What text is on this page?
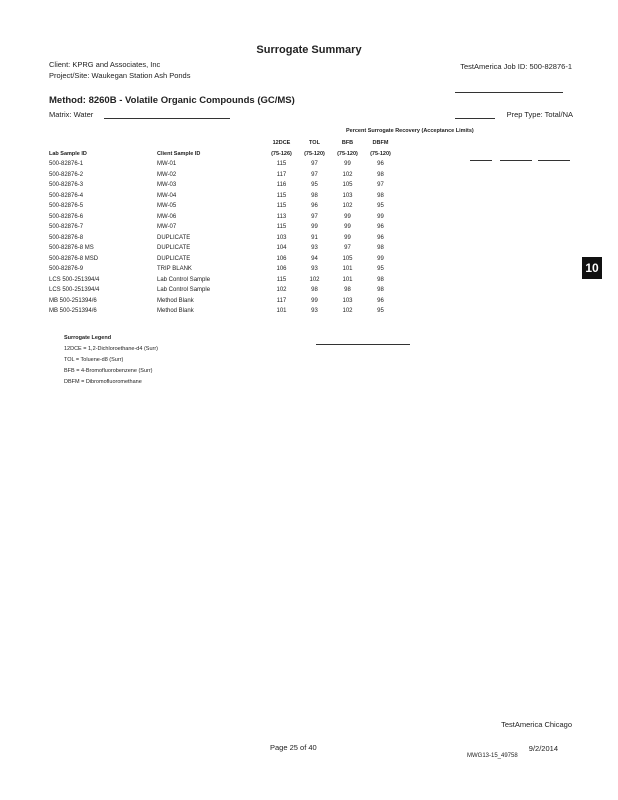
Surrogate Summary
Client: KPRG and Associates, Inc
Project/Site: Waukegan Station Ash Ponds
TestAmerica Job ID: 500-82876-1
Method: 8260B - Volatile Organic Compounds (GC/MS)
Matrix: Water	Prep Type: Total/NA
Percent Surrogate Recovery (Acceptance Limits)
		12DCE	TOL	BFB	DBFM
Lab Sample ID	Client Sample ID	(75-126)	(75-120)	(75-120)	(75-120)
500-82876-1	MW-01	115	97	99	96
500-82876-2	MW-02	117	97	102	98
500-82876-3	MW-03	116	95	105	97
500-82876-4	MW-04	115	98	103	98
500-82876-5	MW-05	115	96	102	95
500-82876-6	MW-06	113	97	99	99
500-82876-7	MW-07	115	99	99	96
500-82876-8	DUPLICATE	103	91	99	96
500-82876-8 MS	DUPLICATE	104	93	97	98
500-82876-8 MSD	DUPLICATE	106	94	105	99
500-82876-9	TRIP BLANK	106	93	101	95
LCS 500-251394/4	Lab Control Sample	115	102	101	98
LCS 500-251394/4	Lab Control Sample	102	98	98	98
MB 500-251394/6	Method Blank	117	99	103	96
MB 500-251394/6	Method Blank	101	93	102	95
Surrogate Legend
12DCE = 1,2-Dichloroethane-d4 (Surr)
TOL = Toluene-d8 (Surr)
BFB = 4-Bromofluorobenzene (Surr)
DBFM = Dibromofluoromethane
10
TestAmerica Chicago
Page 25 of 40	9/2/2014
MWG13-15_49758
